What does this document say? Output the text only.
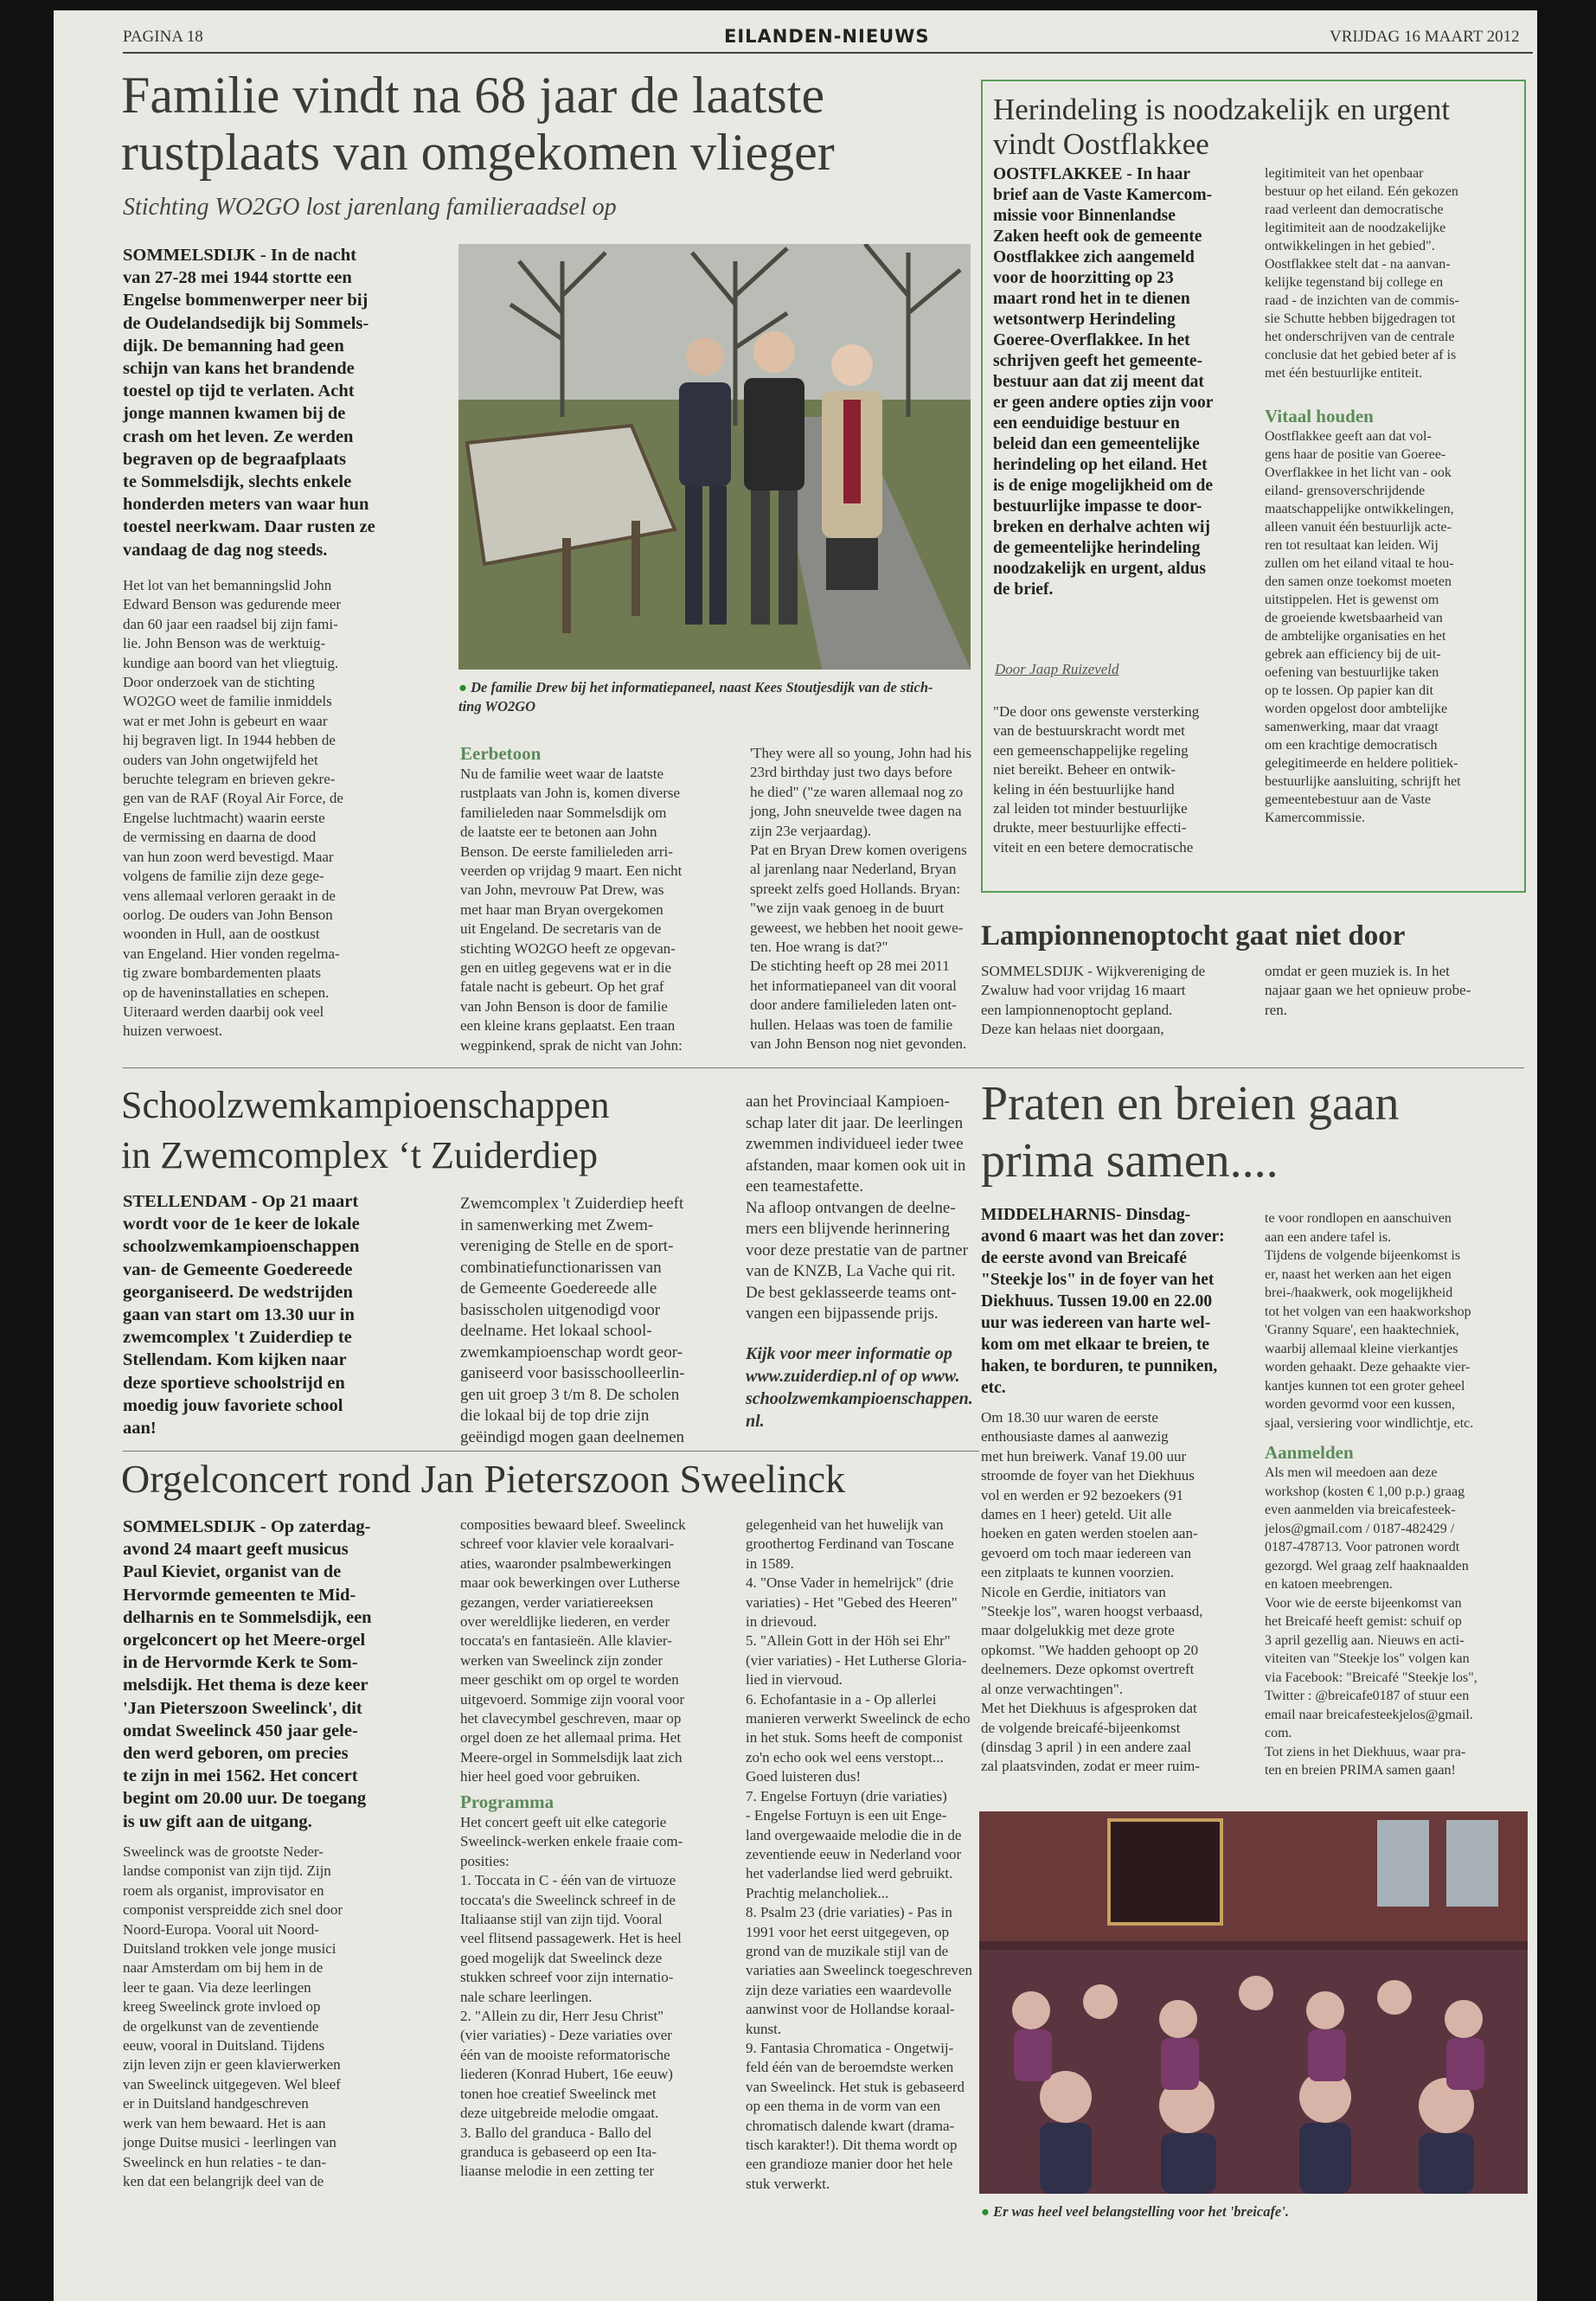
PAGINA 18	EILANDEN-NIEUWS	VRIJDAG 16 MAART 2012
Familie vindt na 68 jaar de laatste
rustplaats van omgekomen vlieger
Stichting WO2GO lost jarenlang familieraadsel op

SOMMELSDIJK - In de nacht

van 27-28 mei 1944 stortte een

Engelse bommenwerper neer bij

de Oudelandsedijk bij Sommels-

dijk. De bemanning had geen

schijn van kans het brandende

toestel op tijd te verlaten. Acht

jonge mannen kwamen bij de

crash om het leven. Ze werden

begraven op de begraafplaats

te Sommelsdijk, slechts enkele

honderden meters van waar hun

toestel neerkwam. Daar rusten ze

vandaag de dag nog steeds.

Het lot van het bemanningslid John

Edward Benson was gedurende meer

dan 60 jaar een raadsel bij zijn fami-

lie. John Benson was de werktuig-

kundige aan boord van het vliegtuig.

Door onderzoek van de stichting

WO2GO weet de familie inmiddels

wat er met John is gebeurt en waar

hij begraven ligt. In 1944 hebben de

ouders van John ongetwijfeld het

beruchte telegram en brieven gekre-

gen van de RAF (Royal Air Force, de

Engelse luchtmacht) waarin eerste

de vermissing en daarna de dood

van hun zoon werd bevestigd. Maar

volgens de familie zijn deze gege-

vens allemaal verloren geraakt in de

oorlog. De ouders van John Benson

woonden in Hull, aan de oostkust

van Engeland. Hier vonden regelma-

tig zware bombardementen plaats

op de haveninstallaties en schepen.

Uiteraard werden daarbij ook veel

huizen verwoest.

● De familie Drew bij het informatiepaneel, naast Kees Stoutjesdijk van de stich-

ting WO2GO

Eerbetoon

Nu de familie weet waar de laatste

rustplaats van John is, komen diverse

familieleden naar Sommelsdijk om

de laatste eer te betonen aan John

Benson. De eerste familieleden arri-

veerden op vrijdag 9 maart. Een nicht

van John, mevrouw Pat Drew, was

met haar man Bryan overgekomen

uit Engeland. De secretaris van de

stichting WO2GO heeft ze opgevan-

gen en uitleg gegevens wat er in die

fatale nacht is gebeurt. Op het graf

van John Benson is door de familie

een kleine krans geplaatst. Een traan

wegpinkend, sprak de nicht van John:

'They were all so young, John had his

23rd birthday just two days before

he died" ("ze waren allemaal nog zo

jong, John sneuvelde twee dagen na

zijn 23e verjaardag).

Pat en Bryan Drew komen overigens

al jarenlang naar Nederland, Bryan

spreekt zelfs goed Hollands. Bryan:

"we zijn vaak genoeg in de buurt

geweest, we hebben het nooit gewe-

ten. Hoe wrang is dat?"

De stichting heeft op 28 mei 2011

het informatiepaneel van dit vooral

door andere familieleden laten ont-

hullen. Helaas was toen de familie

van John Benson nog niet gevonden.

Herindeling is noodzakelijk en urgent
vindt Oostflakkee

OOSTFLAKKEE - In haar

brief aan de Vaste Kamercom-

missie voor Binnenlandse

Zaken heeft ook de gemeente

Oostflakkee zich aangemeld

voor de hoorzitting op 23

maart rond het in te dienen

wetsontwerp Herindeling

Goeree-Overflakkee. In het

schrijven geeft het gemeente-

bestuur aan dat zij meent dat

er geen andere opties zijn voor

een eenduidige bestuur en

beleid dan een gemeentelijke

herindeling op het eiland. Het

is de enige mogelijkheid om de

bestuurlijke impasse te door-

breken en derhalve achten wij

de gemeentelijke herindeling

noodzakelijk en urgent, aldus

de brief.

Door Jaap Ruizeveld

"De door ons gewenste versterking

van de bestuurskracht wordt met

een gemeenschappelijke regeling

niet bereikt. Beheer en ontwik-

keling in één bestuurlijke hand

zal leiden tot minder bestuurlijke

drukte, meer bestuurlijke effecti-

viteit en een betere democratische

legitimiteit van het openbaar

bestuur op het eiland. Eén gekozen

raad verleent dan democratische

legitimiteit aan de noodzakelijke

ontwikkelingen in het gebied".

Oostflakkee stelt dat - na aanvan-

kelijke tegenstand bij college en

raad - de inzichten van de commis-

sie Schutte hebben bijgedragen tot

het onderschrijven van de centrale

conclusie dat het gebied beter af is

met één bestuurlijke entiteit.

Vitaal houden

Oostflakkee geeft aan dat vol-

gens haar de positie van Goeree-

Overflakkee in het licht van - ook

eiland- grensoverschrijdende

maatschappelijke ontwikkelingen,

alleen vanuit één bestuurlijk acte-

ren tot resultaat kan leiden. Wij

zullen om het eiland vitaal te hou-

den samen onze toekomst moeten

uitstippelen. Het is gewenst om

de groeiende kwetsbaarheid van

de ambtelijke organisaties en het

gebrek aan efficiency bij de uit-

oefening van bestuurlijke taken

op te lossen. Op papier kan dit

worden opgelost door ambtelijke

samenwerking, maar dat vraagt

om een krachtige democratisch

gelegitimeerde en heldere politiek-

bestuurlijke aansluiting, schrijft het

gemeentebestuur aan de Vaste

Kamercommissie.

Lampionnenoptocht gaat niet door

SOMMELSDIJK - Wijkvereniging de

Zwaluw had voor vrijdag 16 maart

een lampionnenoptocht gepland.

Deze kan helaas niet doorgaan,

omdat er geen muziek is. In het

najaar gaan we het opnieuw probe-

ren.

Schoolzwemkampioenschappen
in Zwemcomplex ‘t Zuiderdiep

STELLENDAM - Op 21 maart

wordt voor de 1e keer de lokale

schoolzwemkampioenschappen

van- de Gemeente Goedereede

georganiseerd. De wedstrijden

gaan van start om 13.30 uur in

zwemcomplex 't Zuiderdiep te

Stellendam. Kom kijken naar

deze sportieve schoolstrijd en

moedig jouw favoriete school

aan!

Zwemcomplex 't Zuiderdiep heeft

in samenwerking met Zwem-

vereniging de Stelle en de sport-

combinatiefunctionarissen van

de Gemeente Goedereede alle

basisscholen uitgenodigd voor

deelname. Het lokaal school-

zwemkampioenschap wordt geor-

ganiseerd voor basisschoolleerlin-

gen uit groep 3 t/m 8. De scholen

die lokaal bij de top drie zijn

geëindigd mogen gaan deelnemen

aan het Provinciaal Kampioen-

schap later dit jaar. De leerlingen

zwemmen individueel ieder twee

afstanden, maar komen ook uit in

een teamestafette.

Na afloop ontvangen de deelne-

mers een blijvende herinnering

voor deze prestatie van de partner

van de KNZB, La Vache qui rit.

De best geklasseerde teams ont-

vangen een bijpassende prijs.

Kijk voor meer informatie op

www.zuiderdiep.nl of op www.

schoolzwemkampioenschappen.

nl.

Orgelconcert rond Jan Pieterszoon Sweelinck

SOMMELSDIJK - Op zaterdag-

avond 24 maart geeft musicus

Paul Kieviet, organist van de

Hervormde gemeenten te Mid-

delharnis en te Sommelsdijk, een

orgelconcert op het Meere-orgel

in de Hervormde Kerk te Som-

melsdijk. Het thema is deze keer

'Jan Pieterszoon Sweelinck', dit

omdat Sweelinck 450 jaar gele-

den werd geboren, om precies

te zijn in mei 1562. Het concert

begint om 20.00 uur. De toegang

is uw gift aan de uitgang.

Sweelinck was de grootste Neder-

landse componist van zijn tijd. Zijn

roem als organist, improvisator en

componist verspreidde zich snel door

Noord-Europa. Vooral uit Noord-

Duitsland trokken vele jonge musici

naar Amsterdam om bij hem in de

leer te gaan. Via deze leerlingen

kreeg Sweelinck grote invloed op

de orgelkunst van de zeventiende

eeuw, vooral in Duitsland. Tijdens

zijn leven zijn er geen klavierwerken

van Sweelinck uitgegeven. Wel bleef

er in Duitsland handgeschreven

werk van hem bewaard. Het is aan

jonge Duitse musici - leerlingen van

Sweelinck en hun relaties - te dan-

ken dat een belangrijk deel van de

composities bewaard bleef. Sweelinck

schreef voor klavier vele koraalvari-

aties, waaronder psalmbewerkingen

maar ook bewerkingen over Lutherse

gezangen, verder variatiereeksen

over wereldlijke liederen, en verder

toccata's en fantasieën. Alle klavier-

werken van Sweelinck zijn zonder

meer geschikt om op orgel te worden

uitgevoerd. Sommige zijn vooral voor

het clavecymbel geschreven, maar op

orgel doen ze het allemaal prima. Het

Meere-orgel in Sommelsdijk laat zich

hier heel goed voor gebruiken.

Programma

Het concert geeft uit elke categorie

Sweelinck-werken enkele fraaie com-

posities:

1. Toccata in C - één van de virtuoze

toccata's die Sweelinck schreef in de

Italiaanse stijl van zijn tijd. Vooral

veel flitsend passagewerk. Het is heel

goed mogelijk dat Sweelinck deze

stukken schreef voor zijn internatio-

nale schare leerlingen.

2. "Allein zu dir, Herr Jesu Christ"

(vier variaties) - Deze variaties over

één van de mooiste reformatorische

liederen (Konrad Hubert, 16e eeuw)

tonen hoe creatief Sweelinck met

deze uitgebreide melodie omgaat.

3. Ballo del granduca - Ballo del

granduca is gebaseerd op een Ita-

liaanse melodie in een zetting ter

gelegenheid van het huwelijk van

groothertog Ferdinand van Toscane

in 1589.

4. "Onse Vader in hemelrijck" (drie

variaties) - Het "Gebed des Heeren"

in drievoud.

5. "Allein Gott in der Höh sei Ehr"

(vier variaties) - Het Lutherse Gloria-

lied in viervoud.

6. Echofantasie in a - Op allerlei

manieren verwerkt Sweelinck de echo

in het stuk. Soms heeft de componist

zo'n echo ook wel eens verstopt...

Goed luisteren dus!

7. Engelse Fortuyn (drie variaties)

- Engelse Fortuyn is een uit Enge-

land overgewaaide melodie die in de

zeventiende eeuw in Nederland voor

het vaderlandse lied werd gebruikt.

Prachtig melancholiek...

8. Psalm 23 (drie variaties) - Pas in

1991 voor het eerst uitgegeven, op

grond van de muzikale stijl van de

variaties aan Sweelinck toegeschreven

zijn deze variaties een waardevolle

aanwinst voor de Hollandse koraal-

kunst.

9. Fantasia Chromatica - Ongetwij-

feld één van de beroemdste werken

van Sweelinck. Het stuk is gebaseerd

op een thema in de vorm van een

chromatisch dalende kwart (drama-

tisch karakter!). Dit thema wordt op

een grandioze manier door het hele

stuk verwerkt.

Praten en breien gaan
prima samen....

MIDDELHARNIS- Dinsdag-

avond 6 maart was het dan zover:

de eerste avond van Breicafé

"Steekje los" in de foyer van het

Diekhuus. Tussen 19.00 en 22.00

uur was iedereen van harte wel-

kom om met elkaar te breien, te

haken, te borduren, te punniken,

etc.

Om 18.30 uur waren de eerste

enthousiaste dames al aanwezig

met hun breiwerk. Vanaf 19.00 uur

stroomde de foyer van het Diekhuus

vol en werden er 92 bezoekers (91

dames en 1 heer) geteld. Uit alle

hoeken en gaten werden stoelen aan-

gevoerd om toch maar iedereen van

een zitplaats te kunnen voorzien.

Nicole en Gerdie, initiators van

"Steekje los", waren hoogst verbaasd,

maar dolgelukkig met deze grote

opkomst. "We hadden gehoopt op 20

deelnemers. Deze opkomst overtreft

al onze verwachtingen".

Met het Diekhuus is afgesproken dat

de volgende breicafé-bijeenkomst

(dinsdag 3 april ) in een andere zaal

zal plaatsvinden, zodat er meer ruim-

te voor rondlopen en aanschuiven

aan een andere tafel is.

Tijdens de volgende bijeenkomst is

er, naast het werken aan het eigen

brei-/haakwerk, ook mogelijkheid

tot het volgen van een haakworkshop

'Granny Square', een haaktechniek,

waarbij allemaal kleine vierkantjes

worden gehaakt. Deze gehaakte vier-

kantjes kunnen tot een groter geheel

worden gevormd voor een kussen,

sjaal, versiering voor windlichtje, etc.

Aanmelden

Als men wil meedoen aan deze

workshop (kosten € 1,00 p.p.) graag

even aanmelden via breicafesteek-

jelos@gmail.com / 0187-482429 /

0187-478713. Voor patronen wordt

gezorgd. Wel graag zelf haaknaalden

en katoen meebrengen.

Voor wie de eerste bijeenkomst van

het Breicafé heeft gemist: schuif op

3 april gezellig aan. Nieuws en acti-

viteiten van "Steekje los" volgen kan

via Facebook: "Breicafé "Steekje los",

Twitter : @breicafe0187 of stuur een

email naar breicafesteekjelos@gmail.

com.

Tot ziens in het Diekhuus, waar pra-

ten en breien PRIMA samen gaan!

● Er was heel veel belangstelling voor het 'breicafe'.
